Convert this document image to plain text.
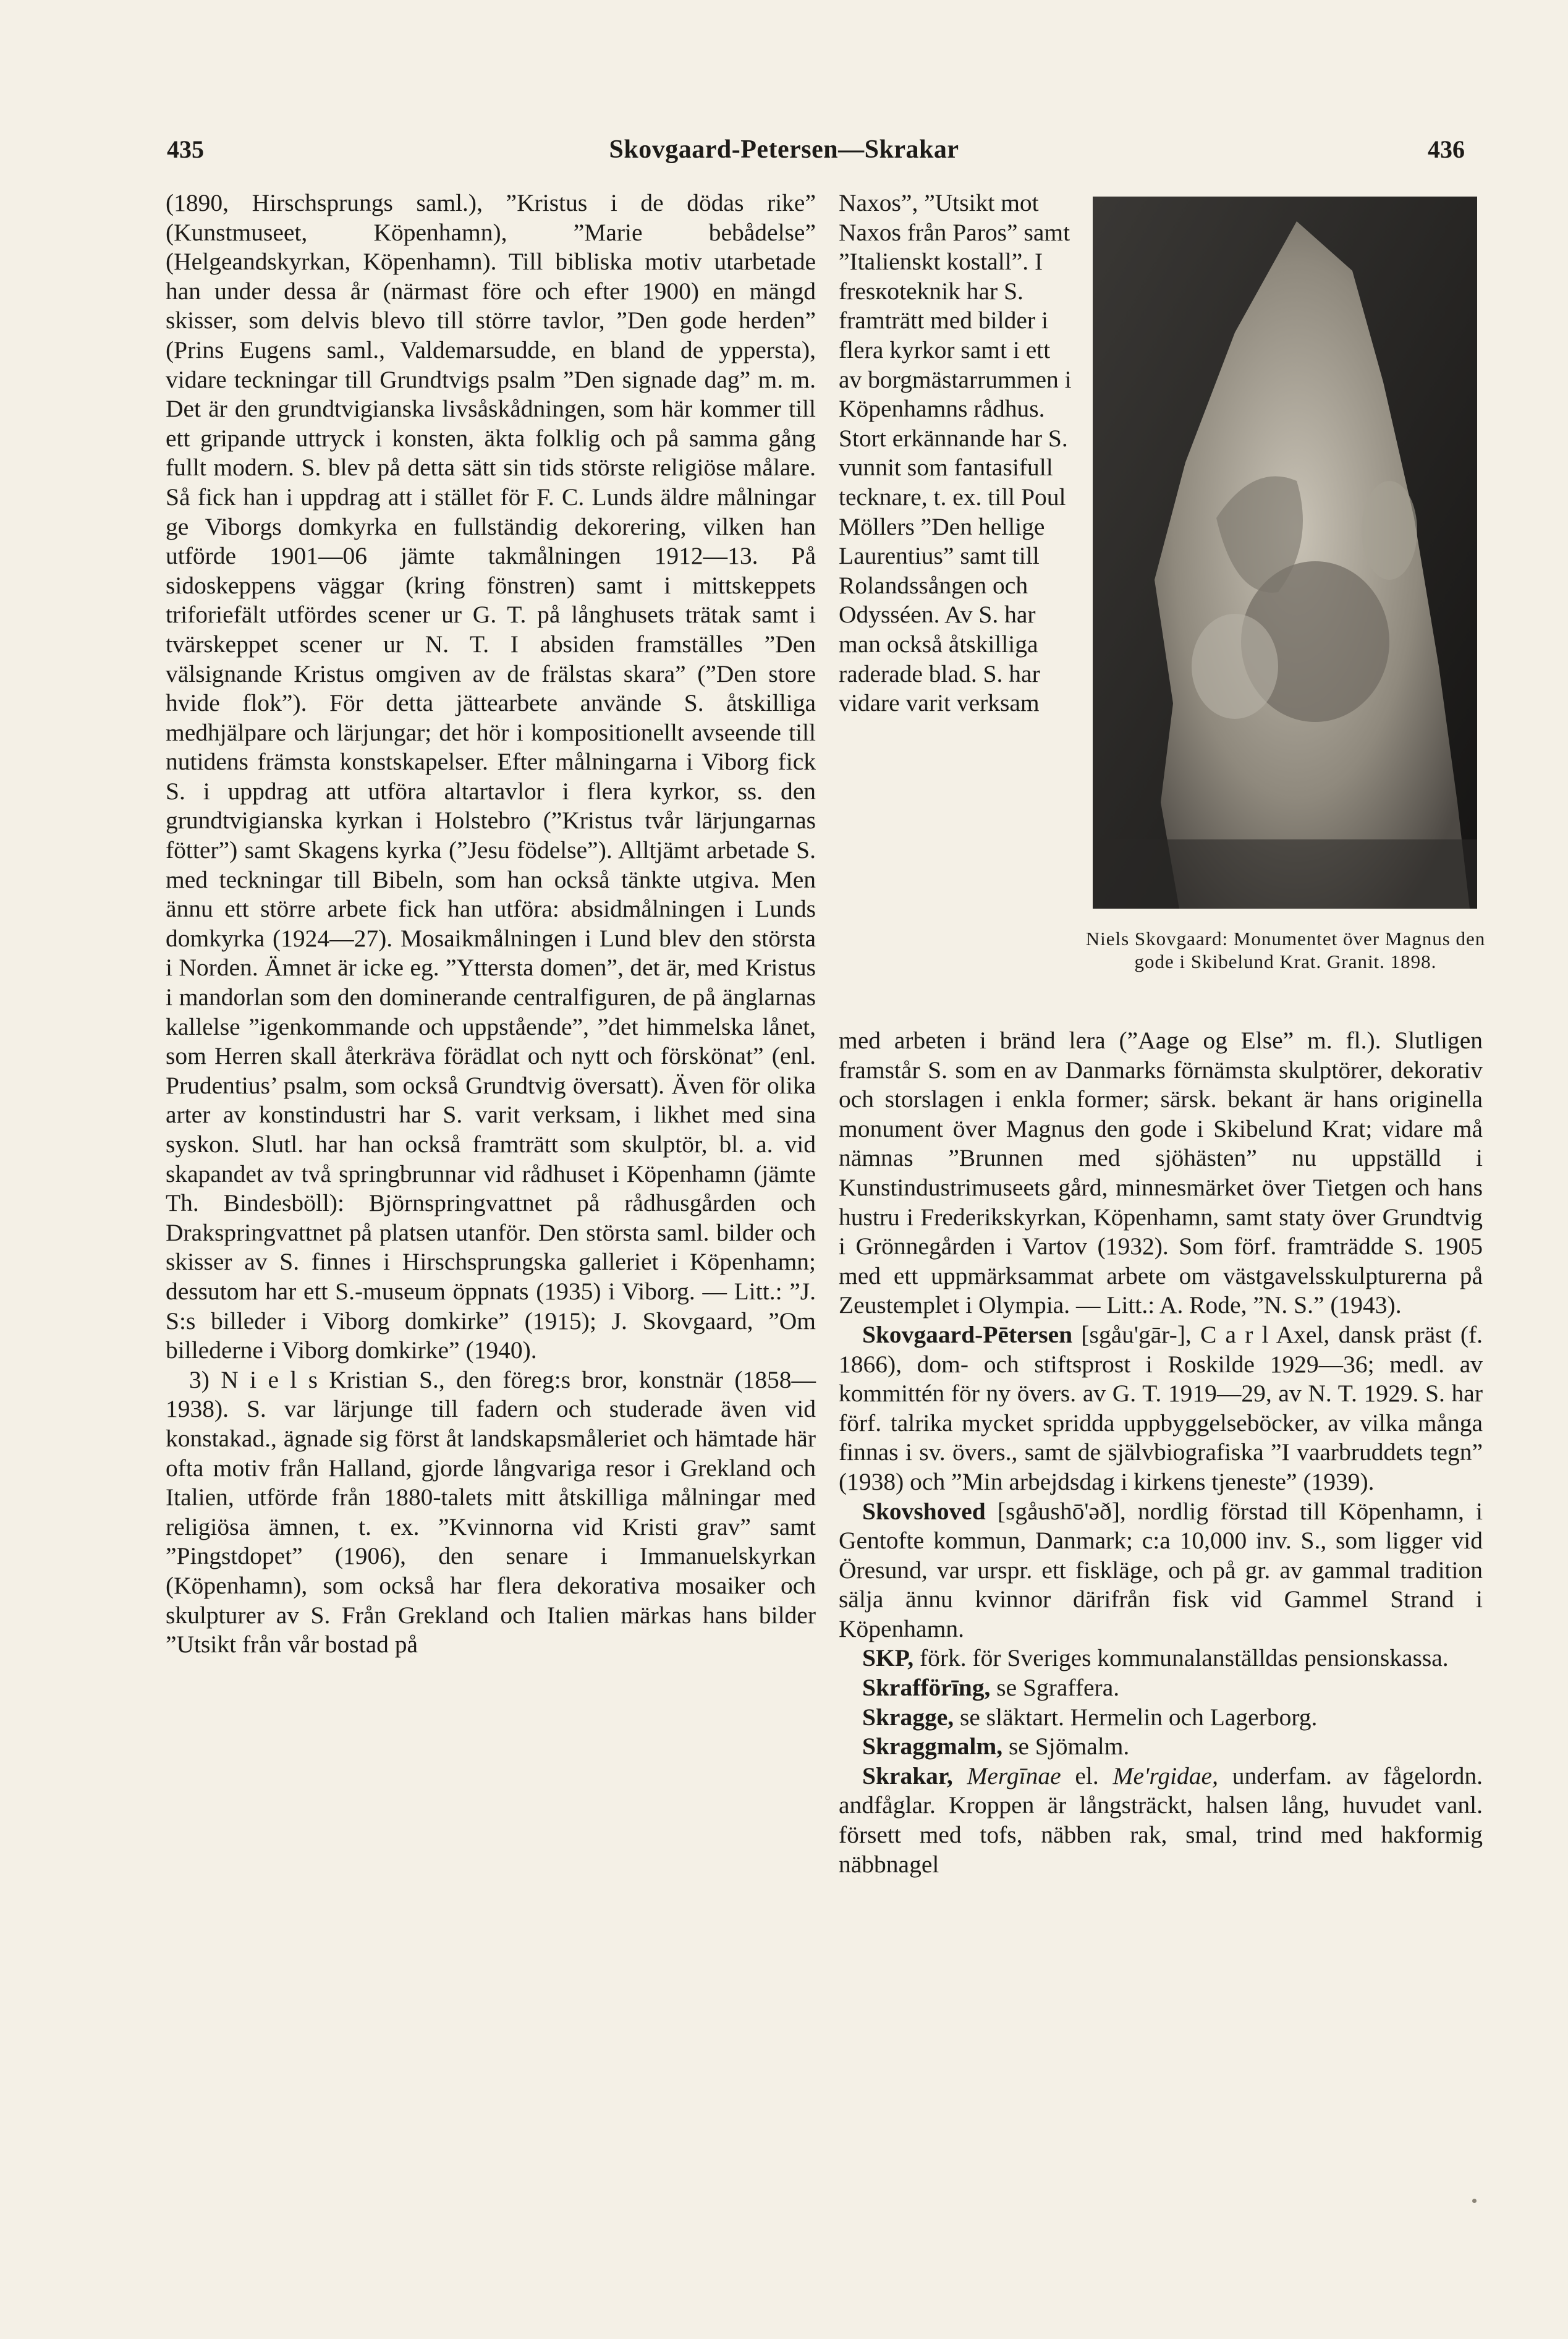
435	Skovgaard-Petersen—Skrakar	436

(1890, Hirschsprungs saml.), ”Kristus i de dödas rike” (Kunstmuseet, Köpenhamn), ”Marie bebådelse” (Helgeandskyrkan, Köpenhamn). Till bibliska motiv utarbetade han under dessa år (närmast före och efter 1900) en mängd skisser, som delvis blevo till större tavlor, ”Den gode herden” (Prins Eugens saml., Valdemarsudde, en bland de yppersta), vidare teckningar till Grundtvigs psalm ”Den signade dag” m. m. Det är den grundtvigianska livsåskådningen, som här kommer till ett gripande uttryck i konsten, äkta folklig och på samma gång fullt modern. S. blev på detta sätt sin tids störste religiöse målare. Så fick han i uppdrag att i stället för F. C. Lunds äldre målningar ge Viborgs domkyrka en fullständig dekorering, vilken han utförde 1901—06 jämte takmålningen 1912—13. På sidoskeppens väggar (kring fönstren) samt i mittskeppets triforiefält utfördes scener ur G. T. på långhusets trätak samt i tvärskeppet scener ur N. T. I absiden framställes ”Den välsignande Kristus omgiven av de frälstas skara” (”Den store hvide flok”). För detta jättearbete använde S. åtskilliga medhjälpare och lärjungar; det hör i kompositionellt avseende till nutidens främsta konstskapelser. Efter målningarna i Viborg fick S. i uppdrag att utföra altartavlor i flera kyrkor, ss. den grundtvigianska kyrkan i Holstebro (”Kristus tvår lärjungarnas fötter”) samt Skagens kyrka (”Jesu födelse”). Alltjämt arbetade S. med teckningar till Bibeln, som han också tänkte utgiva. Men ännu ett större arbete fick han utföra: absidmålningen i Lunds domkyrka (1924—27). Mosaikmålningen i Lund blev den största i Norden. Ämnet är icke eg. ”Yttersta domen”, det är, med Kristus i mandorlan som den dominerande centralfiguren, de på änglarnas kallelse ”igenkommande och uppstående”, ”det himmelska lånet, som Herren skall återkräva förädlat och nytt och förskönat” (enl. Prudentius’ psalm, som också Grundtvig översatt). Även för olika arter av konstindustri har S. varit verksam, i likhet med sina syskon. Slutl. har han också framträtt som skulptör, bl. a. vid skapandet av två springbrunnar vid rådhuset i Köpenhamn (jämte Th. Bindesböll): Björnspringvattnet på rådhusgården och Drakspringvattnet på platsen utanför. Den största saml. bilder och skisser av S. finnes i Hirschsprungska galleriet i Köpenhamn; dessutom har ett S.-museum öppnats (1935) i Viborg. — Litt.: ”J. S:s billeder i Viborg domkirke” (1915); J. Skovgaard, ”Om billederne i Viborg domkirke” (1940).

3) N i e l s Kristian S., den föreg:s bror, konstnär (1858—1938). S. var lärjunge till fadern och studerade även vid konstakad., ägnade sig först åt landskapsmåleriet och hämtade här ofta motiv från Halland, gjorde långvariga resor i Grekland och Italien, utförde från 1880-talets mitt åtskilliga målningar med religiösa ämnen, t. ex. ”Kvinnorna vid Kristi grav” samt ”Pingstdopet” (1906), den senare i Immanuelskyrkan (Köpenhamn), som också har flera dekorativa mosaiker och skulpturer av S. Från Grekland och Italien märkas hans bilder ”Utsikt från vår bostad på

Naxos”, ”Utsikt mot Naxos från Paros” samt ”Italienskt kostall”. I fresкoteknik har S. framträtt med bilder i flera kyrkor samt i ett av borgmästarrummen i Köpenhamns rådhus. Stort erkännande har S. vunnit som fantasifull tecknare, t. ex. till Poul Möllers ”Den hellige Laurentius” samt till Rolandssången och Odysséen. Av S. har man också åtskilliga raderade blad. S. har vidare varit verksam

Niels Skovgaard: Monumentet över Magnus den gode i Skibelund Krat. Granit. 1898.

med arbeten i bränd lera (”Aage og Else” m. fl.). Slutligen framstår S. som en av Danmarks förnämsta skulptörer, dekorativ och storslagen i enkla former; särsk. bekant är hans originella monument över Magnus den gode i Skibelund Krat; vidare må nämnas ”Brunnen med sjöhästen” nu uppställd i Kunstindustrimuseets gård, minnesmärket över Tietgen och hans hustru i Frederikskyrkan, Köpenhamn, samt staty över Grundtvig i Grönnegården i Vartov (1932). Som förf. framträdde S. 1905 med ett uppmärksammat arbete om västgavelsskulpturerna på Zeustemplet i Olympia. — Litt.: A. Rode, ”N. S.” (1943).

Skovgaard-Pētersen [sgåu'gār-], C a r l Axel, dansk präst (f. 1866), dom- och stiftsprost i Roskilde 1929—36; medl. av kommittén för ny övers. av G. T. 1919—29, av N. T. 1929. S. har förf. talrika mycket spridda uppbyggelseböcker, av vilka många finnas i sv. övers., samt de självbiografiska ”I vaarbruddets tegn” (1938) och ”Min arbejdsdag i kirkens tjeneste” (1939).

Skovshoved [sgåushō'əð], nordlig förstad till Köpenhamn, i Gentofte kommun, Danmark; c:a 10,000 inv. S., som ligger vid Öresund, var urspr. ett fiskläge, och på gr. av gammal tradition sälja ännu kvinnor därifrån fisk vid Gammel Strand i Köpenhamn.

SKP, förk. för Sveriges kommunalanställdas pensionskassa.

Skrafförīng, se Sgraffera.

Skragge, se släktart. Hermelin och Lagerborg.

Skraggmalm, se Sjömalm.

Skrakar, Mergīnae el. Me'rgidae, underfam. av fågelordn. andfåglar. Kroppen är långsträckt, halsen lång, huvudet vanl. försett med tofs, näbben rak, smal, trind med hakformig näbbnagel
